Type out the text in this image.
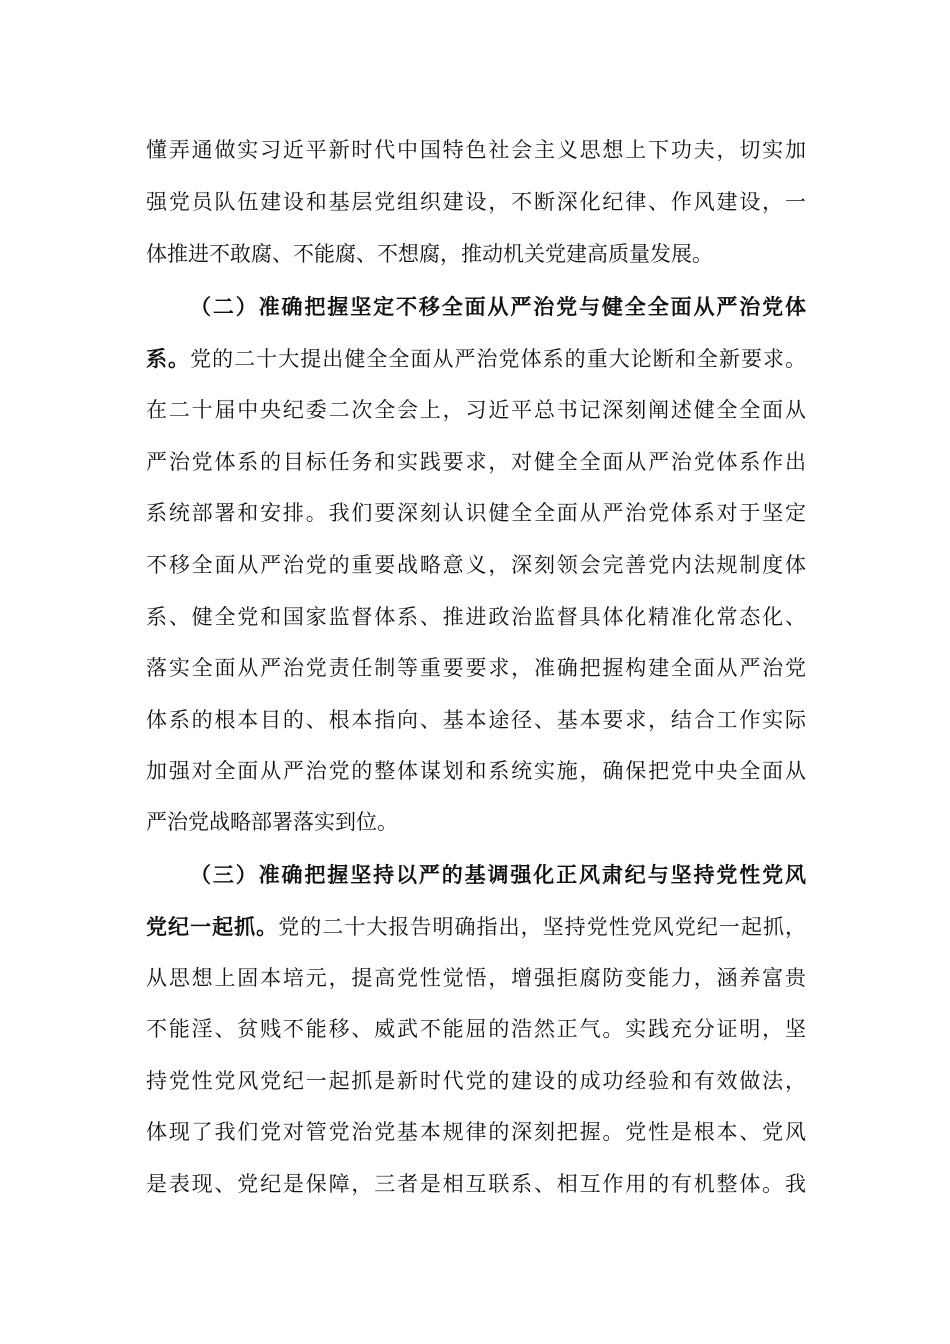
懂弄通做实习近平新时代中国特色社会主义思想上下功夫，切实加
强党员队伍建设和基层党组织建设，不断深化纪律、作风建设，一
体推进不敢腐、不能腐、不想腐，推动机关党建高质量发展。
（二）准确把握坚定不移全面从严治党与健全全面从严治党体
系。党的二十大提出健全全面从严治党体系的重大论断和全新要求。
在二十届中央纪委二次全会上，习近平总书记深刻阐述健全全面从
严治党体系的目标任务和实践要求，对健全全面从严治党体系作出
系统部署和安排。我们要深刻认识健全全面从严治党体系对于坚定
不移全面从严治党的重要战略意义，深刻领会完善党内法规制度体
系、健全党和国家监督体系、推进政治监督具体化精准化常态化、
落实全面从严治党责任制等重要要求，准确把握构建全面从严治党
体系的根本目的、根本指向、基本途径、基本要求，结合工作实际
加强对全面从严治党的整体谋划和系统实施，确保把党中央全面从
严治党战略部署落实到位。
（三）准确把握坚持以严的基调强化正风肃纪与坚持党性党风
党纪一起抓。党的二十大报告明确指出，坚持党性党风党纪一起抓，
从思想上固本培元，提高党性觉悟，增强拒腐防变能力，涵养富贵
不能淫、贫贱不能移、威武不能屈的浩然正气。实践充分证明，坚
持党性党风党纪一起抓是新时代党的建设的成功经验和有效做法，
体现了我们党对管党治党基本规律的深刻把握。党性是根本、党风
是表现、党纪是保障，三者是相互联系、相互作用的有机整体。我
